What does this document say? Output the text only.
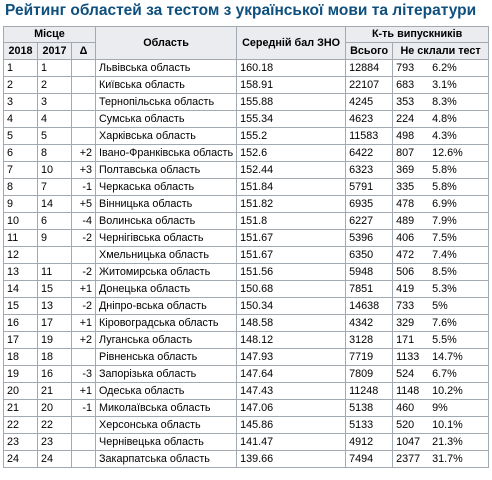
Рейтинг областей за тестом з української мови та літератури
Місце			Область	Середній бал ЗНО	К-ть випускників	
2018	2017	Δ			Всього	Не склали тест
1	1		Львівська область	160.18	12884	793 6.2%
2	2		Київська область	158.91	22107	683 3.1%
3	3		Тернопільська область	155.88	4245	353 8.3%
4	4		Сумська область	155.34	4623	224 4.8%
5	5		Харківська область	155.2	11583	498 4.3%
6	8	+2	Івано-Франківська область	152.6	6422	807 12.6%
7	10	+3	Полтавська область	152.44	6323	369 5.8%
8	7	-1	Черкаська область	151.84	5791	335 5.8%
9	14	+5	Вінницька область	151.82	6935	478 6.9%
10	6	-4	Волинська область	151.8	6227	489 7.9%
11	9	-2	Чернігівська область	151.67	5396	406 7.5%
12			Хмельницька область	151.67	6350	472 7.4%
13	11	-2	Житомирська область	151.56	5948	506 8.5%
14	15	+1	Донецька область	150.68	7851	419 5.3%
15	13	-2	Дніпро-вська область	150.34	14638	733 5%
16	17	+1	Кіровоградська область	148.58	4342	329 7.6%
17	19	+2	Луганська область	148.12	3128	171 5.5%
18	18		Рівненська область	147.93	7719	1133 14.7%
19	16	-3	Запорізька область	147.64	7809	524 6.7%
20	21	+1	Одеська область	147.43	11248	1148 10.2%
21	20	-1	Миколаївська область	147.06	5138	460 9%
22	22		Херсонська область	145.86	5133	520 10.1%
23	23		Чернівецька область	141.47	4912	1047 21.3%
24	24		Закарпатська область	139.66	7494	2377 31.7%
